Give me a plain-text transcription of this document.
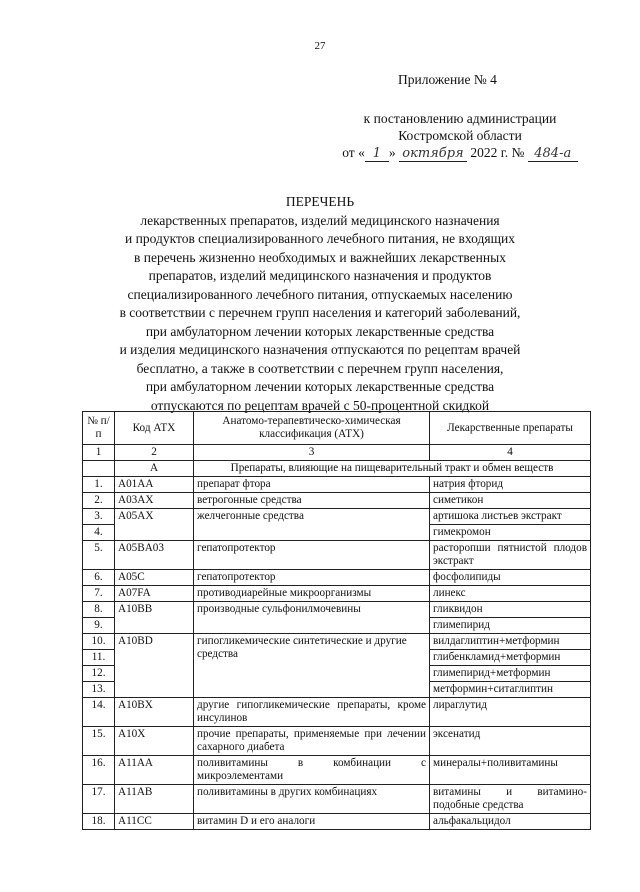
27
Приложение № 4
к постановлению администрации
Костромской области
от « 1 » октября 2022 г. № 484-а
ПЕРЕЧЕНЬ
лекарственных препаратов, изделий медицинского назначения
и продуктов специализированного лечебного питания, не входящих
в перечень жизненно необходимых и важнейших лекарственных
препаратов, изделий медицинского назначения и продуктов
специализированного лечебного питания, отпускаемых населению
в соответствии с перечнем групп населения и категорий заболеваний,
при амбулаторном лечении которых лекарственные средства
и изделия медицинского назначения отпускаются по рецептам врачей
бесплатно, а также в соответствии с перечнем групп населения,
при амбулаторном лечении которых лекарственные средства
отпускаются по рецептам врачей с 50-процентной скидкой
№ п/п	Код АТХ	Анатомо-терапевтическо-химическая классификация (АТХ)	Лекарственные препараты
1	2	3	4
	А	Препараты, влияющие на пищеварительный тракт и обмен веществ	
1.	A01AA	препарат фтора	натрия фторид
2.	A03AX	ветрогонные средства	симетикон
3.	A05AX	желчегонные средства	артишока листьев экстракт
4.			гимекромон
5.	A05BA03	гепатопротектор	расторопши пятнистой плодов экстракт
6.	A05C	гепатопротектор	фосфолипиды
7.	A07FA	противодиарейные микроорганизмы	линекс
8.	A10BB	производные сульфонилмочевины	гликвидон
9.			глимепирид
10.	A10BD	гипогликемические синтетические и другие средства	вилдаглиптин+метформин
11.			глибенкламид+метформин
12.			глимепирид+метформин
13.			метформин+ситаглиптин
14.	A10BX	другие гипогликемические препараты, кроме инсулинов	лираглутид
15.	A10X	прочие препараты, применяемые при лечении сахарного диабета	эксенатид
16.	A11AA	поливитамины в комбинации с микроэлементами	минералы+поливитамины
17.	A11AB	поливитамины в других комбинациях	витамины и витамино-подобные средства
18.	A11CC	витамин D и его аналоги	альфакальцидол
